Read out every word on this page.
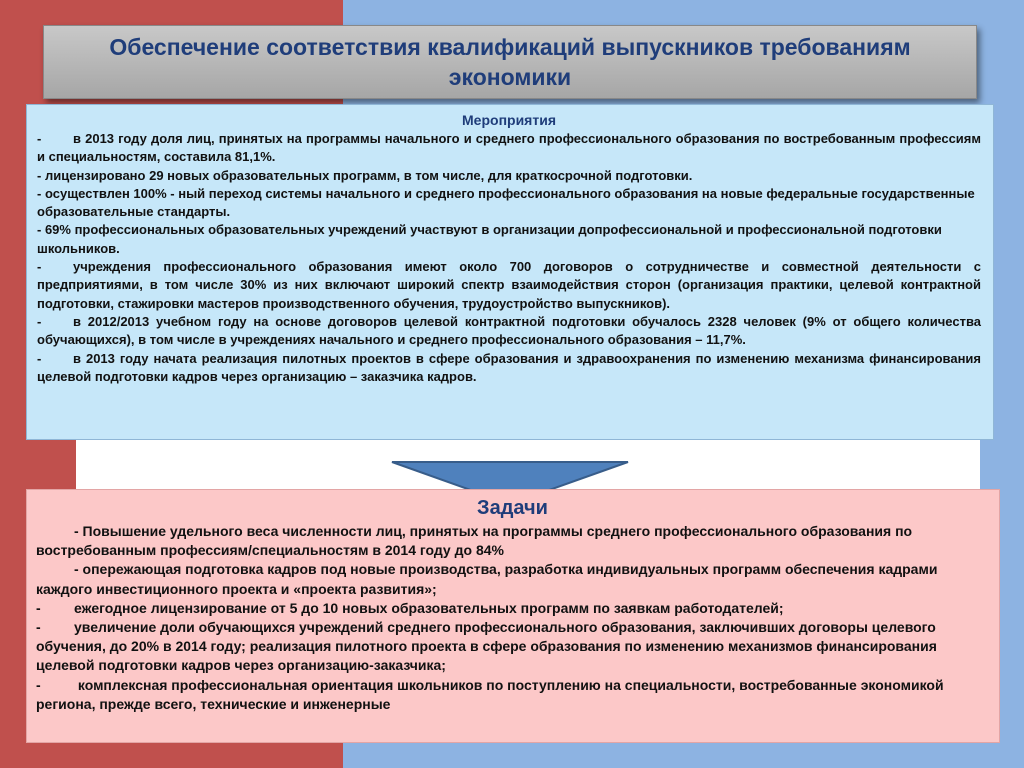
Обеспечение соответствия квалификаций выпускников требованиям экономики
Мероприятия
- в 2013 году доля лиц, принятых на программы начального и среднего профессионального образования по востребованным профессиям и специальностям, составила 81,1%.
- лицензировано 29 новых образовательных программ, в том числе, для краткосрочной подготовки.
- осуществлен 100% - ный переход системы начального и среднего профессионального образования на новые федеральные государственные образовательные стандарты.
- 69% профессиональных образовательных учреждений участвуют в организации допрофессиональной и профессиональной подготовки школьников.
- учреждения профессионального образования имеют около 700 договоров о сотрудничестве и совместной деятельности с предприятиями, в том числе 30% из них включают широкий спектр взаимодействия сторон (организация практики, целевой контрактной подготовки, стажировки мастеров производственного обучения, трудоустройство выпускников).
- в 2012/2013 учебном году на основе договоров целевой контрактной подготовки обучалось 2328 человек (9% от общего количества обучающихся), в том числе в учреждениях начального и среднего профессионального образования – 11,7%.
- в 2013 году начата реализация пилотных проектов в сфере образования и здравоохранения по изменению механизма финансирования целевой подготовки кадров через организацию – заказчика кадров.
Задачи
- Повышение удельного веса численности лиц, принятых на программы среднего профессионального образования по востребованным профессиям/специальностям в 2014 году до 84%
- опережающая подготовка кадров под новые производства, разработка индивидуальных программ обеспечения кадрами каждого инвестиционного проекта и «проекта развития»;
- ежегодное лицензирование от 5 до 10 новых образовательных программ по заявкам работодателей;
- увеличение доли обучающихся учреждений среднего профессионального образования, заключивших договоры целевого обучения, до 20% в 2014 году; реализация пилотного проекта в сфере образования по изменению механизмов финансирования целевой подготовки кадров через организацию-заказчика;
- комплексная профессиональная ориентация школьников по поступлению на специальности, востребованные экономикой региона, прежде всего, технические и инженерные
